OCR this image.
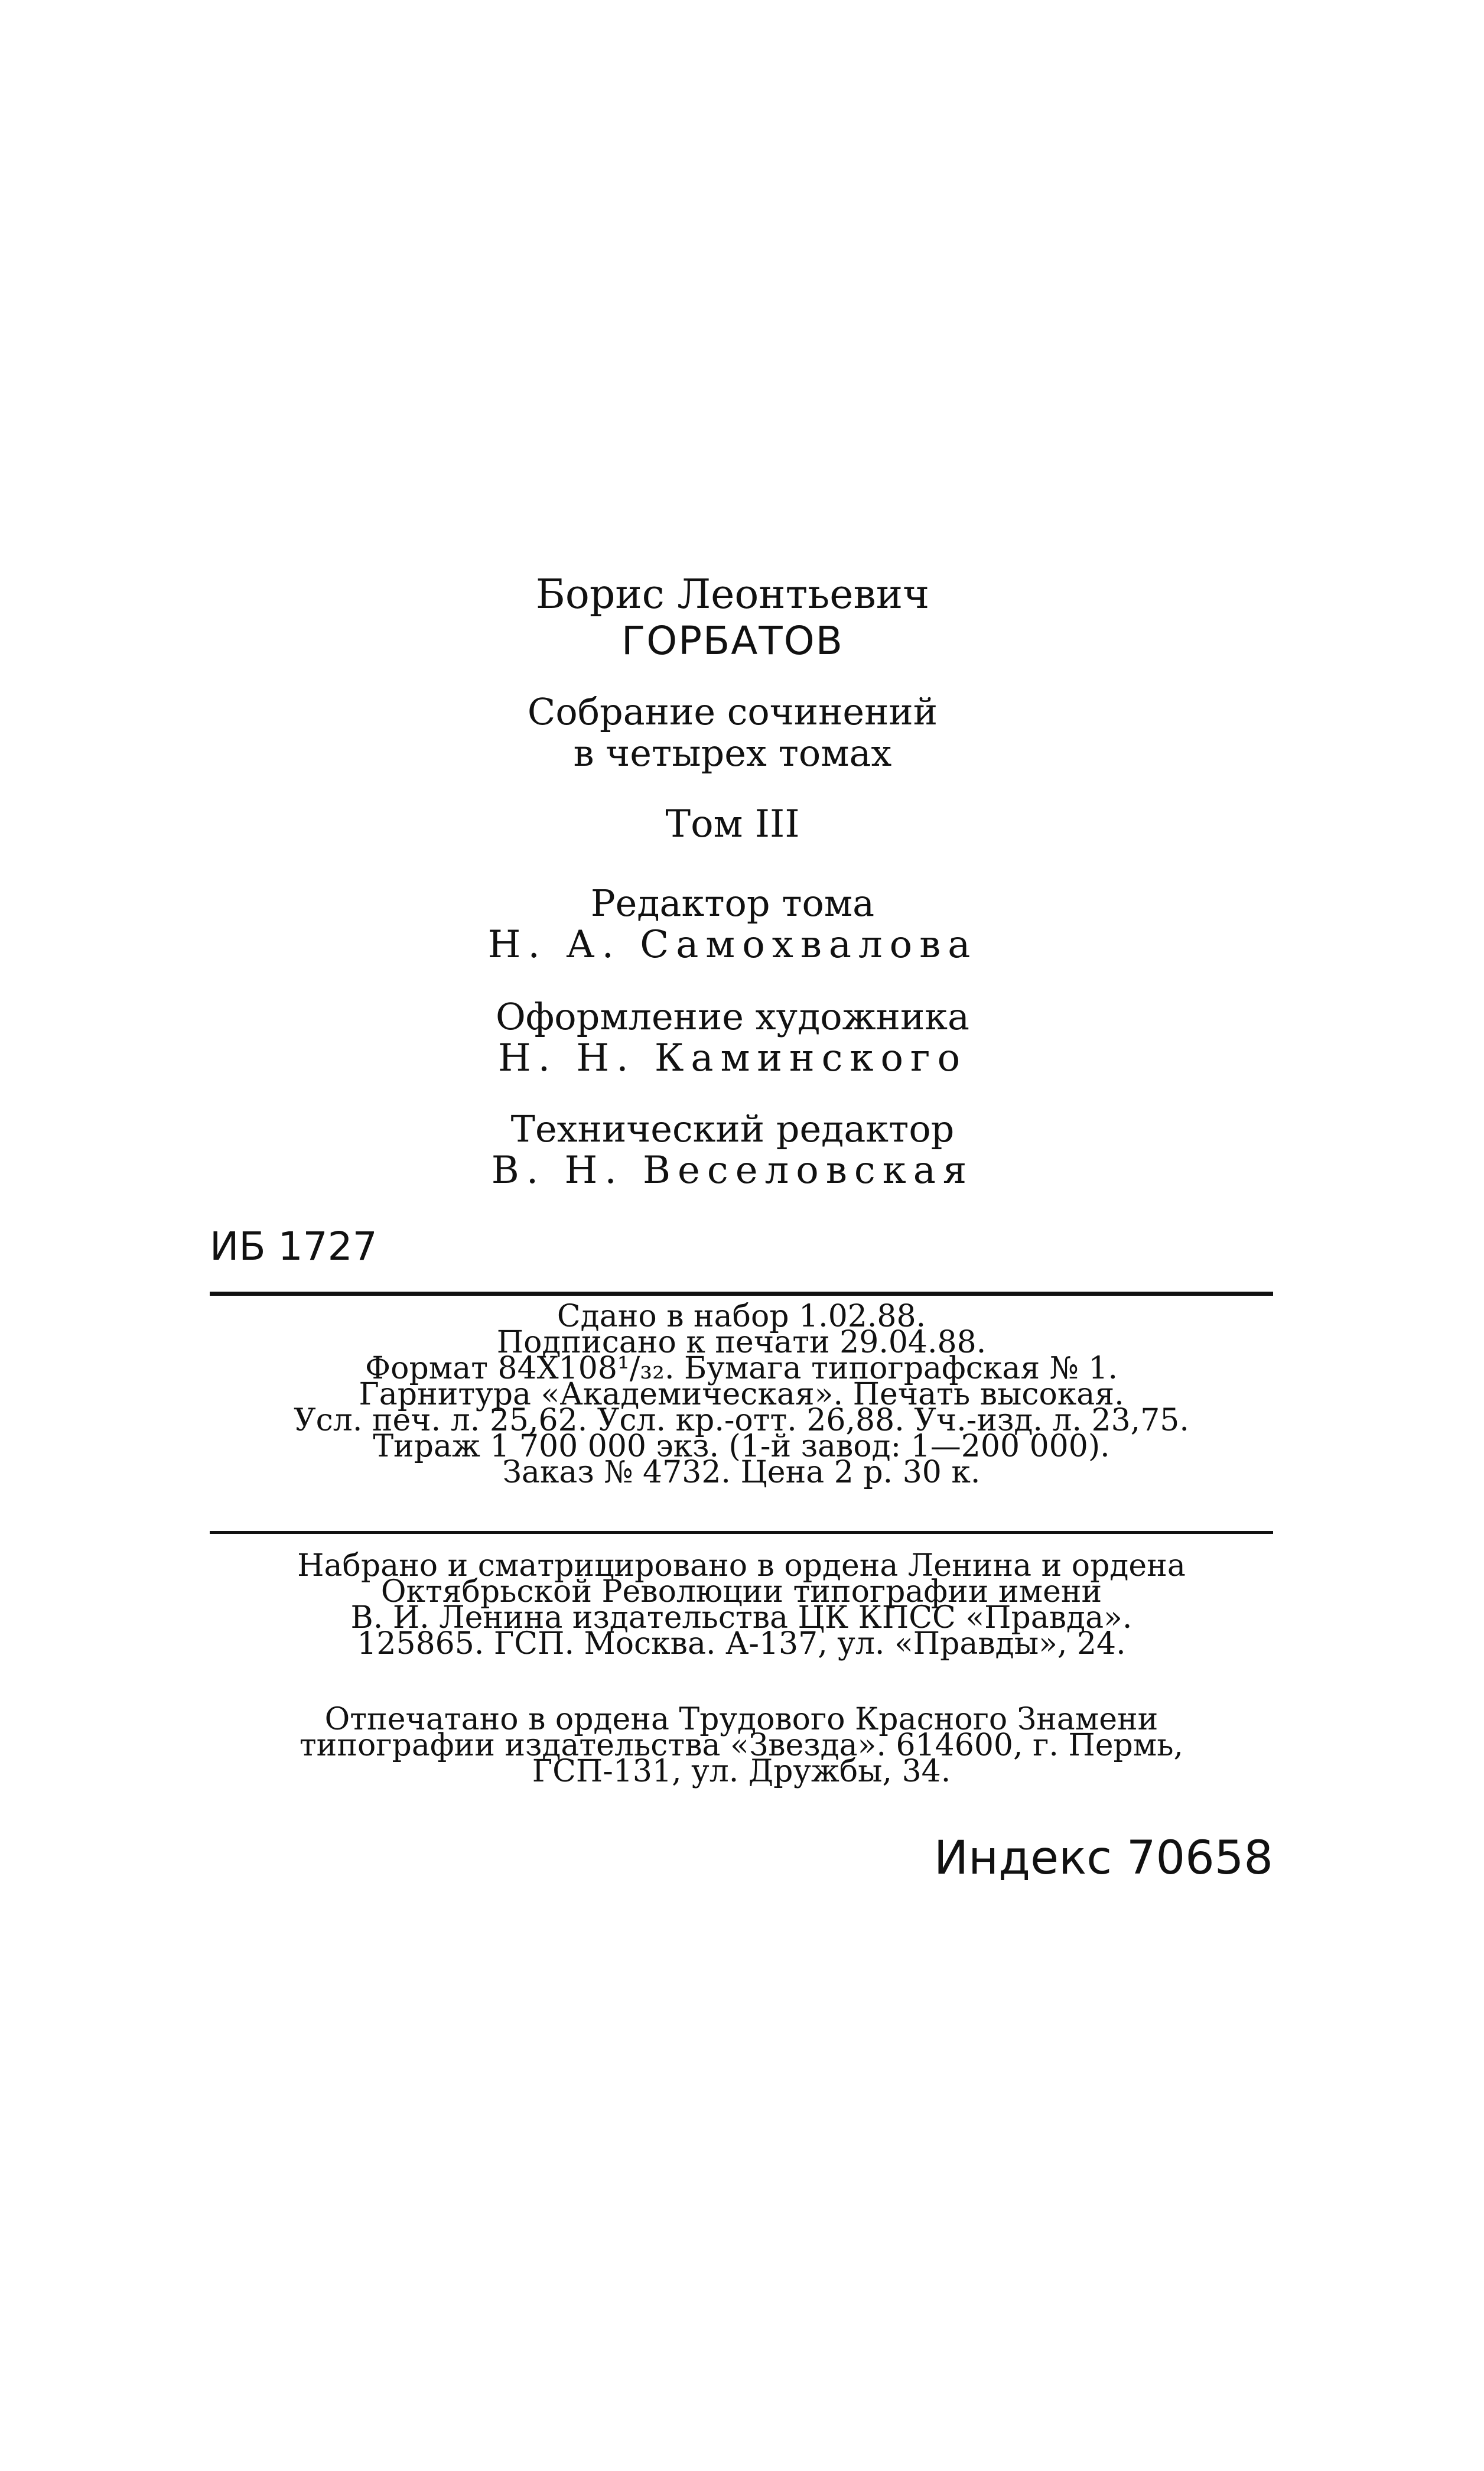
Борис Леонтьевич
ГОРБАТОВ
Собрание сочинений
в четырех томах
Том III
Редактор тома
Н. А. Самохвалова
Оформление художника
Н. Н. Каминского
Технический редактор
В. Н. Веселовская
ИБ 1727
Сдано в набор 1.02.88.
Подписано к печати 29.04.88.
Формат 84Х108¹/₃₂. Бумага типографская № 1.
Гарнитура «Академическая». Печать высокая.
Усл. печ. л. 25,62. Усл. кр.-отт. 26,88. Уч.-изд. л. 23,75.
Тираж 1 700 000 экз. (1-й завод: 1—200 000).
Заказ № 4732. Цена 2 р. 30 к.
Набрано и сматрицировано в ордена Ленина и ордена
Октябрьской Революции типографии имени
В. И. Ленина издательства ЦК КПСС «Правда».
125865. ГСП. Москва. А-137, ул. «Правды», 24.
Отпечатано в ордена Трудового Красного Знамени
типографии издательства «Звезда». 614600, г. Пермь,
ГСП-131, ул. Дружбы, 34.
Индекс 70658
